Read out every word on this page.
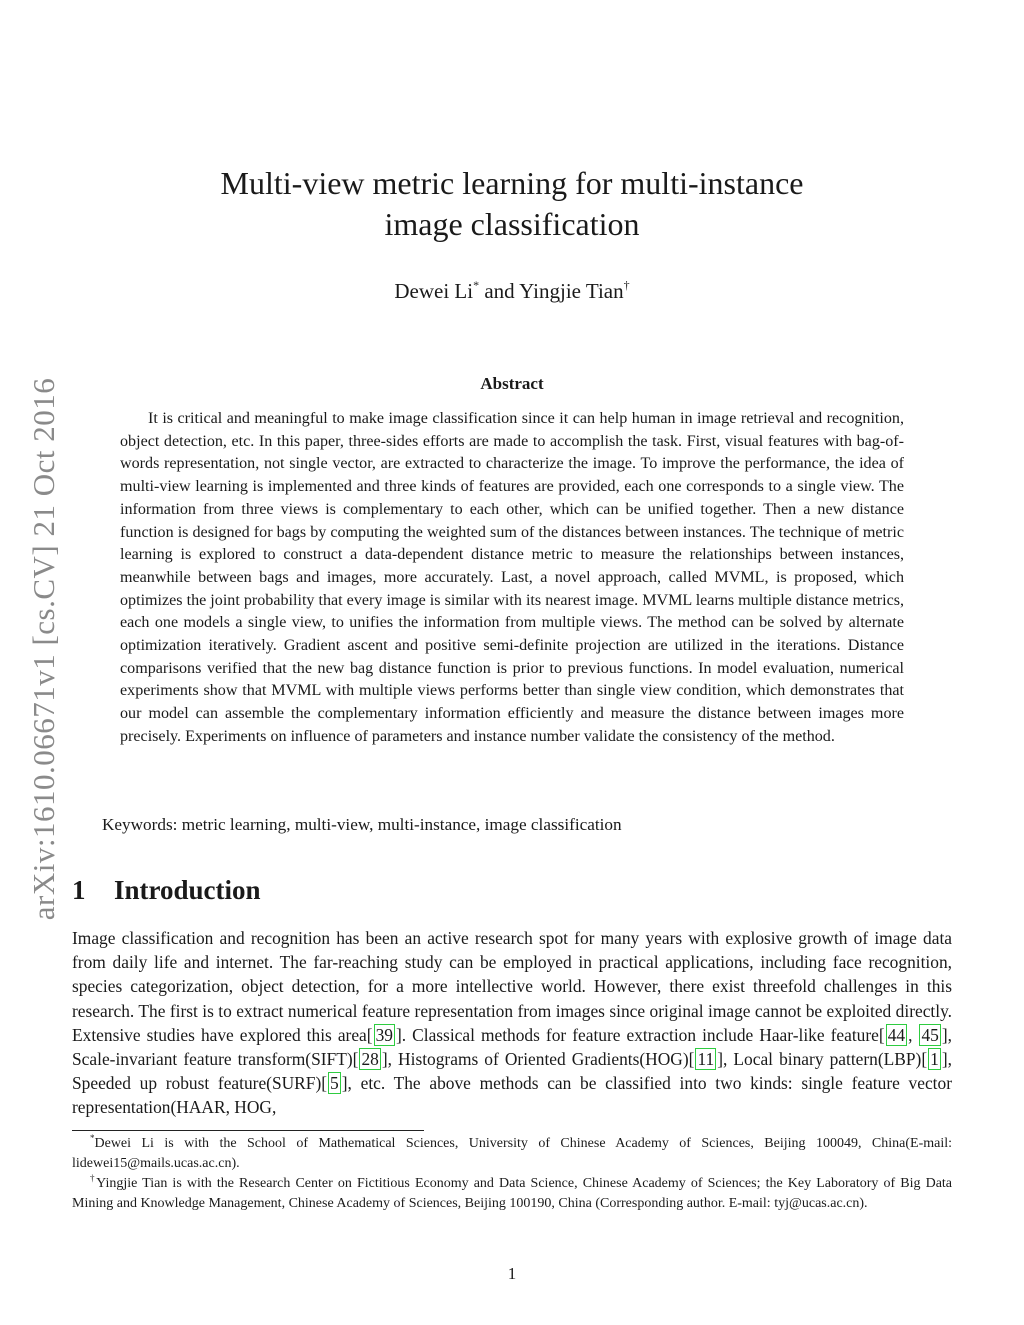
arXiv:1610.06671v1 [cs.CV] 21 Oct 2016
Multi-view metric learning for multi-instance
image classification
Dewei Li* and Yingjie Tian†
Abstract

It is critical and meaningful to make image classification since it can help human in image retrieval and recognition, object detection, etc. In this paper, three-sides efforts are made to accomplish the task. First, visual features with bag-of-words representation, not single vector, are extracted to characterize the image. To improve the performance, the idea of multi-view learning is implemented and three kinds of features are provided, each one corresponds to a single view. The information from three views is complementary to each other, which can be unified together. Then a new distance function is designed for bags by computing the weighted sum of the distances between instances. The technique of metric learning is explored to construct a data-dependent distance metric to measure the relationships between instances, meanwhile between bags and images, more accurately. Last, a novel approach, called MVML, is proposed, which optimizes the joint probability that every image is similar with its nearest image. MVML learns multiple distance metrics, each one models a single view, to unifies the information from multiple views. The method can be solved by alternate optimization iteratively. Gradient ascent and positive semi-definite projection are utilized in the iterations. Distance comparisons verified that the new bag distance function is prior to previous functions. In model evaluation, numerical experiments show that MVML with multiple views performs better than single view condition, which demonstrates that our model can assemble the complementary information efficiently and measure the distance between images more precisely. Experiments on influence of parameters and instance number validate the consistency of the method.

Keywords: metric learning, multi-view, multi-instance, image classification

1 Introduction

Image classification and recognition has been an active research spot for many years with explosive growth of image data from daily life and internet. The far-reaching study can be employed in practical applications, including face recognition, species categorization, object detection, for a more intellective world. However, there exist threefold challenges in this research. The first is to extract numerical feature representation from images since original image cannot be exploited directly. Extensive studies have explored this area[ 39 ]. Classical methods for feature extraction include Haar-like feature[ 44 , 45 ], Scale-invariant feature transform(SIFT)[ 28 ], Histograms of Oriented Gradients(HOG)[ 11 ], Local binary pattern(LBP)[ 1 ], Speeded up robust feature(SURF)[ 5 ], etc. The above methods can be classified into two kinds: single feature vector representation(HAAR, HOG,

*Dewei Li is with the School of Mathematical Sciences, University of Chinese Academy of Sciences, Beijing 100049, China(E-mail: lidewei15@mails.ucas.ac.cn).

†Yingjie Tian is with the Research Center on Fictitious Economy and Data Science, Chinese Academy of Sciences; the Key Laboratory of Big Data Mining and Knowledge Management, Chinese Academy of Sciences, Beijing 100190, China (Corresponding author. E-mail: tyj@ucas.ac.cn).

1
